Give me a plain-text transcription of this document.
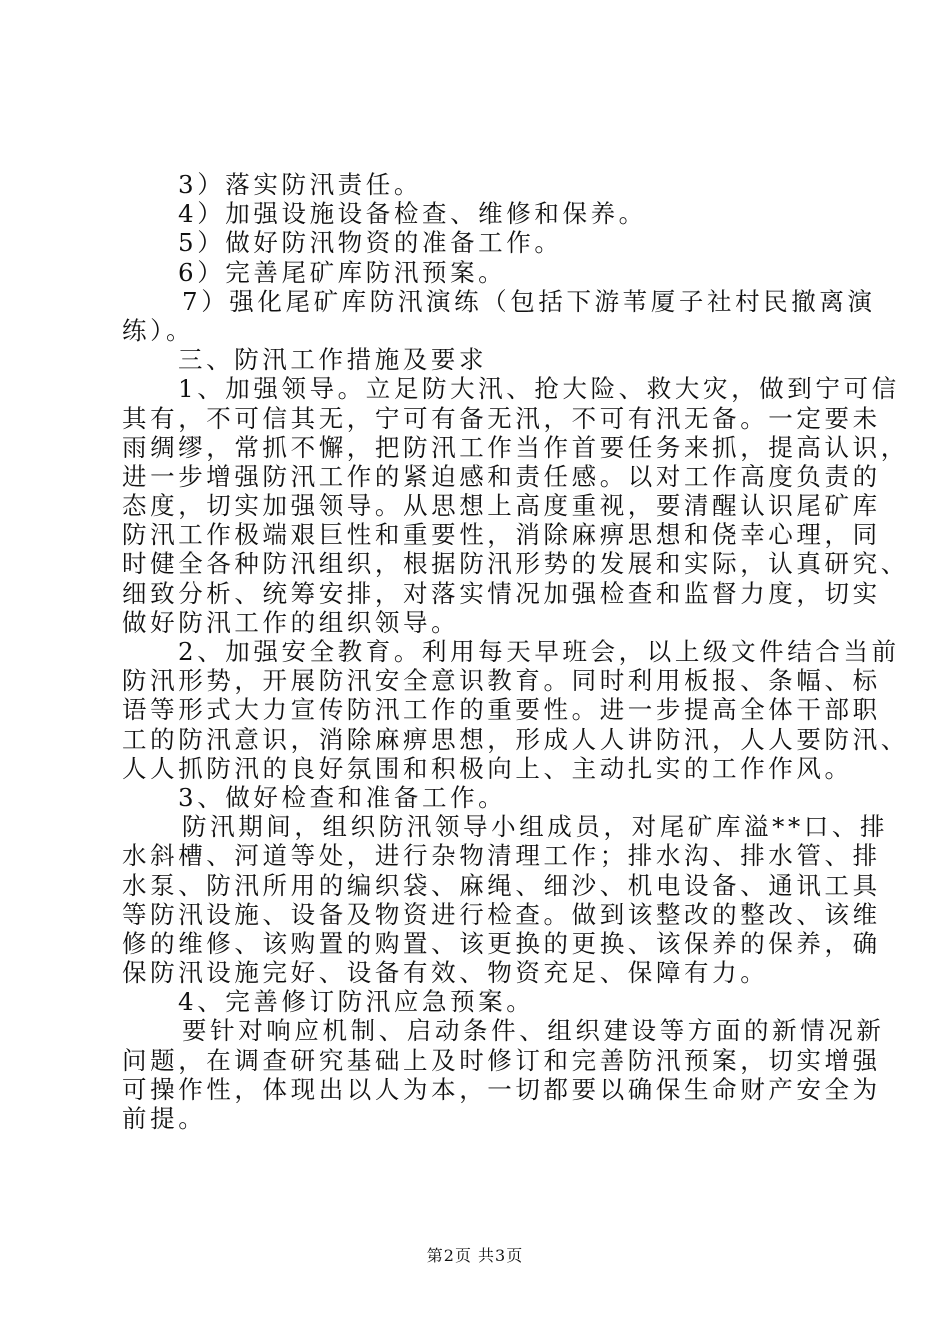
3）落实防汛责任。
4）加强设施设备检查、维修和保养。
5）做好防汛物资的准备工作。
6）完善尾矿库防汛预案。
7）强化尾矿库防汛演练（包括下游苇厦子社村民撤离演
练）。
三、防汛工作措施及要求
1、加强领导。立足防大汛、抢大险、救大灾，做到宁可信
其有，不可信其无，宁可有备无汛，不可有汛无备。一定要未
雨绸缪，常抓不懈，把防汛工作当作首要任务来抓，提高认识，
进一步增强防汛工作的紧迫感和责任感。以对工作高度负责的
态度，切实加强领导。从思想上高度重视，要清醒认识尾矿库
防汛工作极端艰巨性和重要性，消除麻痹思想和侥幸心理，同
时健全各种防汛组织，根据防汛形势的发展和实际，认真研究、
细致分析、统筹安排，对落实情况加强检查和监督力度，切实
做好防汛工作的组织领导。
2、加强安全教育。利用每天早班会，以上级文件结合当前
防汛形势，开展防汛安全意识教育。同时利用板报、条幅、标
语等形式大力宣传防汛工作的重要性。进一步提高全体干部职
工的防汛意识，消除麻痹思想，形成人人讲防汛，人人要防汛、
人人抓防汛的良好氛围和积极向上、主动扎实的工作作风。
3、做好检查和准备工作。
防汛期间，组织防汛领导小组成员，对尾矿库溢**口、排
水斜槽、河道等处，进行杂物清理工作；排水沟、排水管、排
水泵、防汛所用的编织袋、麻绳、细沙、机电设备、通讯工具
等防汛设施、设备及物资进行检查。做到该整改的整改、该维
修的维修、该购置的购置、该更换的更换、该保养的保养，确
保防汛设施完好、设备有效、物资充足、保障有力。
4、完善修订防汛应急预案。
要针对响应机制、启动条件、组织建设等方面的新情况新
问题，在调查研究基础上及时修订和完善防汛预案，切实增强
可操作性，体现出以人为本，一切都要以确保生命财产安全为
前提。
第2页 共3页
